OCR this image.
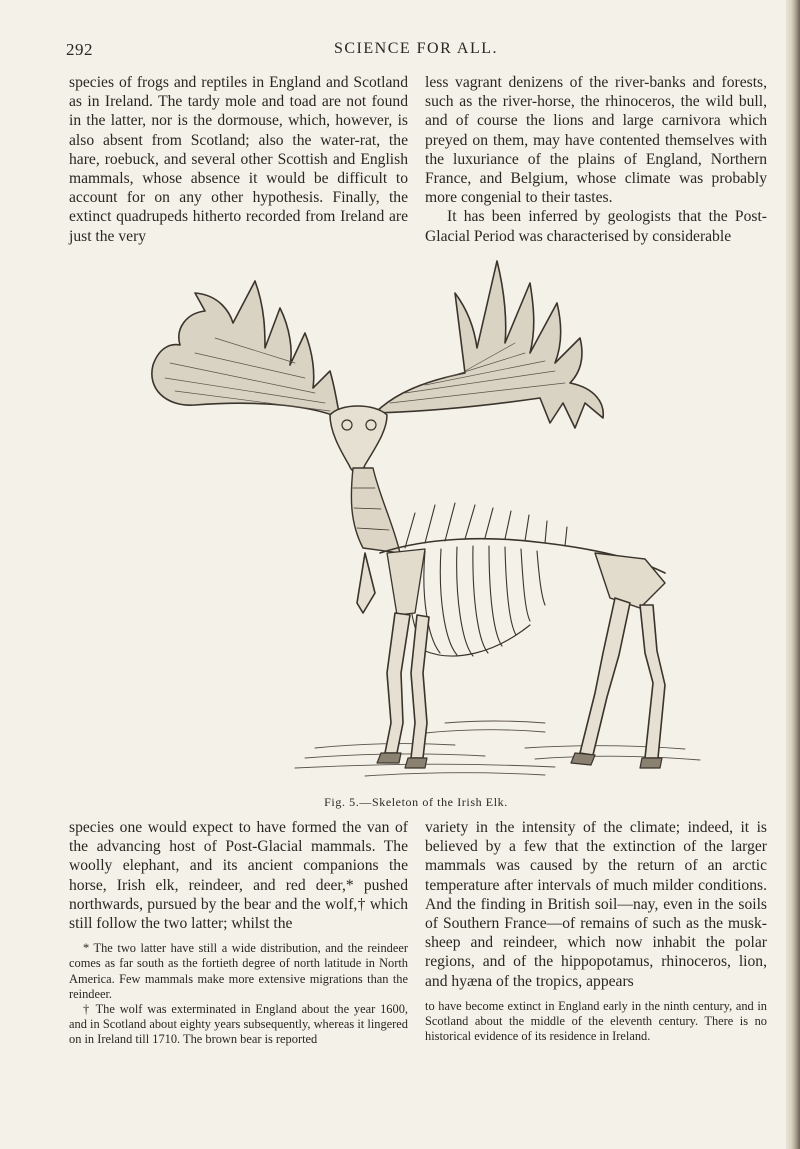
292	SCIENCE FOR ALL.

species of frogs and reptiles in England and Scotland as in Ireland. The tardy mole and toad are not found in the latter, nor is the dormouse, which, however, is also absent from Scotland; also the water-rat, the hare, roebuck, and several other Scottish and English mammals, whose absence it would be difficult to account for on any other hypothesis. Finally, the extinct quadrupeds hitherto recorded from Ireland are just the very

less vagrant denizens of the river-banks and forests, such as the river-horse, the rhinoceros, the wild bull, and of course the lions and large carnivora which preyed on them, may have contented themselves with the luxuriance of the plains of England, Northern France, and Belgium, whose climate was probably more congenial to their tastes.

It has been inferred by geologists that the Post-Glacial Period was characterised by considerable

Fig. 5.—Skeleton of the Irish Elk.

species one would expect to have formed the van of the advancing host of Post-Glacial mammals. The woolly elephant, and its ancient companions the horse, Irish elk, reindeer, and red deer,* pushed northwards, pursued by the bear and the wolf,† which still follow the two latter; whilst the

* The two latter have still a wide distribution, and the reindeer comes as far south as the fortieth degree of north latitude in North America. Few mammals make more extensive migrations than the reindeer.

† The wolf was exterminated in England about the year 1600, and in Scotland about eighty years subsequently, whereas it lingered on in Ireland till 1710. The brown bear is reported

variety in the intensity of the climate; indeed, it is believed by a few that the extinction of the larger mammals was caused by the return of an arctic temperature after intervals of much milder conditions. And the finding in British soil—nay, even in the soils of Southern France—of remains of such as the musk-sheep and reindeer, which now inhabit the polar regions, and of the hippopotamus, rhinoceros, lion, and hyæna of the tropics, appears

to have become extinct in England early in the ninth century, and in Scotland about the middle of the eleventh century. There is no historical evidence of its residence in Ireland.
